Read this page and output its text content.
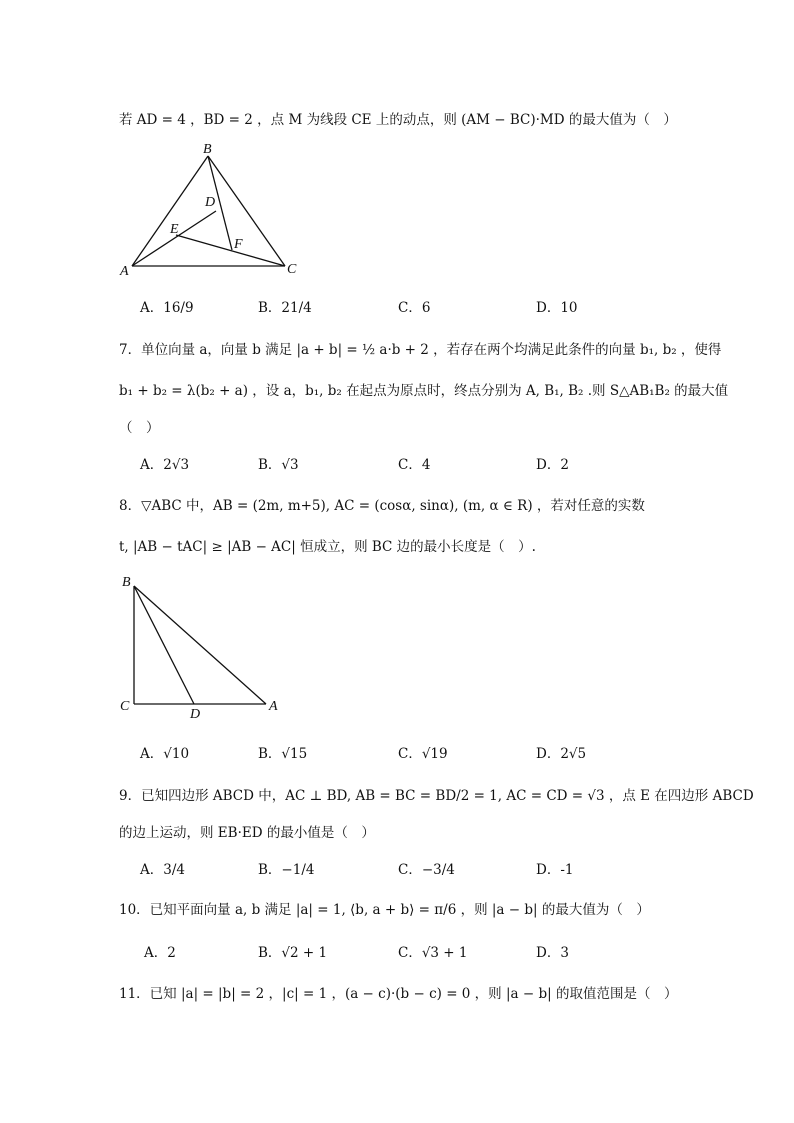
若 AD = 4 ，BD = 2 ，点 M 为线段 CE 上的动点，则 (AM − BC)·MD 的最大值为（　）
B
D
E
F
A	C
A．16/9	B．21/4	C．6	D．10
7．单位向量 a，向量 b 满足 |a + b| = ½ a·b + 2 ，若存在两个均满足此条件的向量 b₁, b₂ ，使得
b₁ + b₂ = λ(b₂ + a) ，设 a，b₁, b₂ 在起点为原点时，终点分别为 A, B₁, B₂ .则 S△AB₁B₂ 的最大值
（　）
A．2√3	B．√3	C．4	D．2
8．▽ABC 中，AB = (2m, m+5), AC = (cosα, sinα), (m, α ∈ R) ，若对任意的实数
t, |AB − tAC| ≥ |AB − AC| 恒成立，则 BC 边的最小长度是（　）.
B
C
D
A
A．√10	B．√15	C．√19	D．2√5
9．已知四边形 ABCD 中，AC ⊥ BD, AB = BC = BD/2 = 1, AC = CD = √3 ，点 E 在四边形 ABCD
的边上运动，则 EB·ED 的最小值是（　）
A．3/4	B．−1/4	C．−3/4	D．-1
10．已知平面向量 a, b 满足 |a| = 1, ⟨b, a + b⟩ = π/6 ，则 |a − b| 的最大值为（　）
A．2	B．√2 + 1	C．√3 + 1	D．3
11．已知 |a| = |b| = 2 ，|c| = 1 ，(a − c)·(b − c) = 0 ，则 |a − b| 的取值范围是（　）
